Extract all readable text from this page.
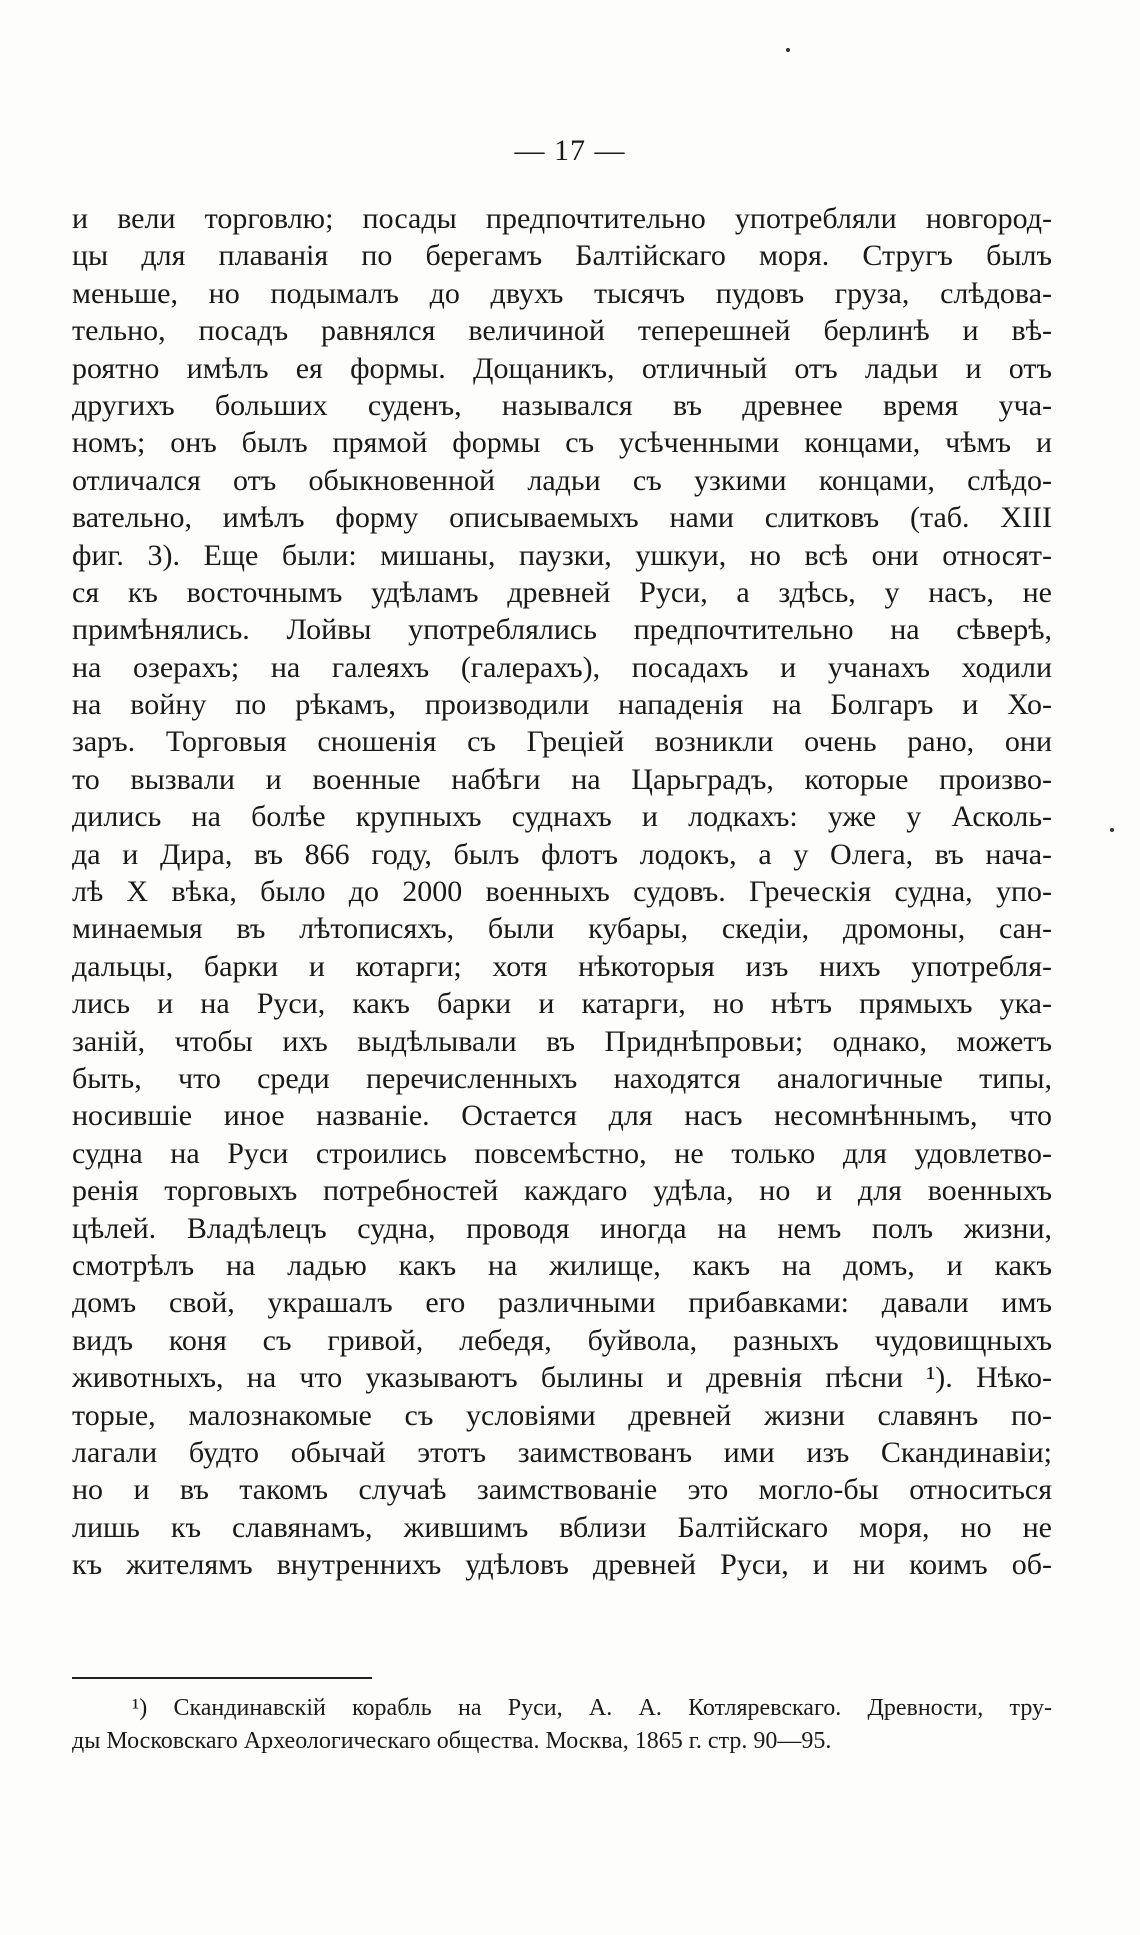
— 17 —
и вели торговлю; посады предпочтительно употребляли новгород-
цы для плаванія по берегамъ Балтійскаго моря. Стругъ былъ
меньше, но подымалъ до двухъ тысячъ пудовъ груза, слѣдова-
тельно, посадъ равнялся величиной теперешней берлинѣ и вѣ-
роятно имѣлъ ея формы. Дощаникъ, отличный отъ ладьи и отъ
другихъ больших суденъ, назывался въ древнее время учa-
номъ; онъ былъ прямой формы съ усѣченными концами, чѣмъ и
отличался отъ обыкновенной ладьи съ узкими концами, слѣдо-
вательно, имѣлъ форму описываемыхъ нами слитковъ (таб. XIII
фиг. 3). Еще были: мишаны, паузки, ушкуи, но всѣ они относят-
ся къ восточнымъ удѣламъ древней Руси, а здѣсь, у насъ, не
примѣнялись. Лойвы употреблялись предпочтительно на сѣверѣ,
на озерахъ; на галеяхъ (галерахъ), посадахъ и учанахъ ходили
на войну по рѣкамъ, производили нападенія на Болгаръ и Хо-
заръ. Торговыя сношенія съ Греціей возникли очень рано, они
то вызвали и военные набѣги на Царьградъ, которые произво-
дились на болѣе крупныхъ суднахъ и лодкахъ: уже у Асколь-
да и Дира, въ 866 году, былъ флотъ лодокъ, а у Олега, въ нача-
лѣ X вѣка, было до 2000 военныхъ судовъ. Греческія судна, упо-
минаемыя въ лѣтописяхъ, были кубары, скедіи, дромоны, сан-
дальцы, барки и котарги; хотя нѣкоторыя изъ нихъ употребля-
лись и на Руси, какъ барки и катарги, но нѣтъ прямыхъ ука-
заній, чтобы ихъ выдѣлывали въ Приднѣпровьи; однако, можетъ
быть, что среди перечисленныхъ находятся аналогичные типы,
носившіе иное названіе. Остается для насъ несомнѣннымъ, что
судна на Руси строились повсемѣстно, не только для удовлетво-
ренія торговыхъ потребностей каждаго удѣла, но и для военныхъ
цѣлей. Владѣлецъ судна, проводя иногда на немъ полъ жизни,
смотрѣлъ на ладью какъ на жилище, какъ на домъ, и какъ
домъ свой, украшалъ его различными прибавками: давали имъ
видъ коня съ гривой, лебедя, буйвола, разныхъ чудовищныхъ
животныхъ, на что указываютъ былины и древнія пѣсни ¹). Нѣко-
торые, малознакомые съ условіями древней жизни славянъ по-
лагали будто обычай этотъ заимствованъ ими изъ Скандинавіи;
но и въ такомъ случаѣ заимствованіе это могло-бы относиться
лишь къ славянамъ, жившимъ вблизи Балтійскаго моря, но не
къ жителямъ внутреннихъ удѣловъ древней Руси, и ни коимъ об-
¹) Скандинавскій корабль на Руси, А. А. Котляревскаго. Древности, тру-
ды Московскаго Археологическаго общества. Москва, 1865 г. стр. 90—95.
